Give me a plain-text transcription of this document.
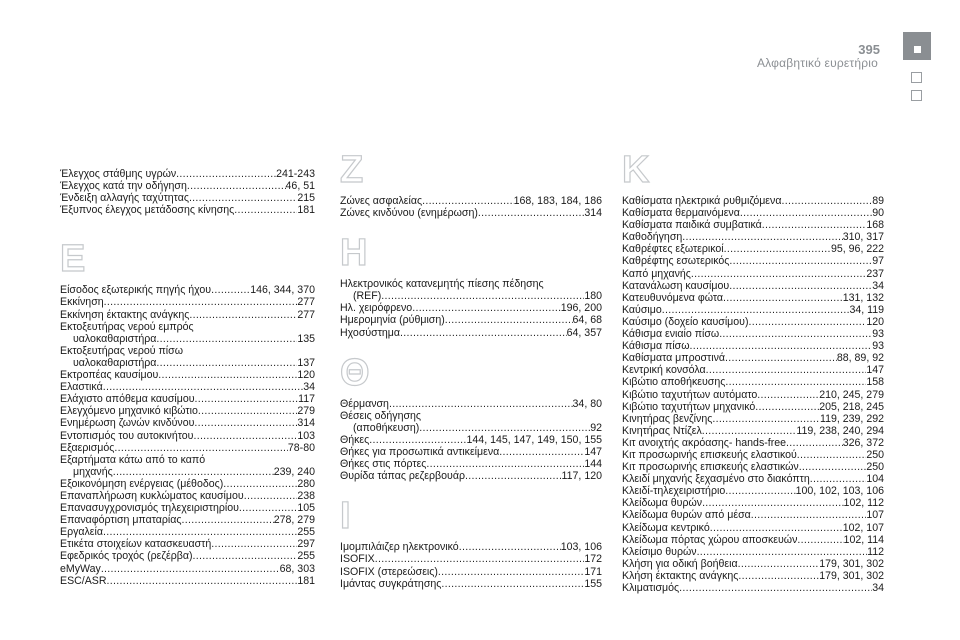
395
Αλφαβητικό ευρετήριο
Έλεγχος στάθμης υγρών .....	241-243
Έλεγχος κατά την οδήγηση .....	46, 51
Ένδειξη αλλαγής ταχύτητας .....	215
Έξυπνος έλεγχος μετάδοσης κίνησης .....	181
E
Είσοδος εξωτερικής πηγής ήχου .....	146, 344, 370
Εκκίνηση .....	277
Εκκίνηση έκτακτης ανάγκης .....	277
Εκτοξευτήρας νερού εμπρός
υαλοκαθαριστήρα .....	135
Εκτοξευτήρας νερού πίσω
υαλοκαθαριστήρα .....	137
Εκτροπέας καυσίμου .....	120
Ελαστικά .....	34
Ελάχιστο απόθεμα καυσίμου .....	117
Ελεγχόμενο μηχανικό κιβώτιο .....	279
Ενημέρωση ζωνών κινδύνου .....	314
Εντοπισμός του αυτοκινήτου .....	103
Εξαερισμός .....	78-80
Εξαρτήματα κάτω από το καπό
μηχανής .....	239, 240
Εξοικονόμηση ενέργειας (μέθοδος) .....	280
Επαναπλήρωση κυκλώματος καυσίμου .....	238
Επανασυγχρονισμός τηλεχειριστηρίου .....	105
Επαναφόρτιση μπαταρίας .....	278, 279
Εργαλεία .....	255
Ετικέτα στοιχείων κατασκευαστή .....	297
Εφεδρικός τροχός (ρεζέρβα) .....	255
eMyWay .....	68, 303
ESC/ASR .....	181
Z
Ζώνες ασφαλείας .....	168, 183, 184, 186
Ζώνες κινδύνου (ενημέρωση) .....	314
H
Ηλεκτρονικός κατανεμητής πίεσης πέδησης
(REF) .....	180
Ηλ. χειρόφρενο .....	196, 200
Ημερομηνία (ρύθμιση) .....	64, 68
Ηχοσύστημα .....	64, 357
Θ
Θέρμανση .....	34, 80
Θέσεις οδήγησης
(αποθήκευση) .....	92
Θήκες .....	144, 145, 147, 149, 150, 155
Θήκες για προσωπικά αντικείμενα .....	147
Θήκες στις πόρτες .....	144
Θυρίδα τάπας ρεζερβουάρ .....	117, 120
I
Ιμομπιλάιζερ ηλεκτρονικό .....	103, 106
ISOFIX .....	172
ISOFIX (στερεώσεις) .....	171
Ιμάντας συγκράτησης .....	155
K
Καθίσματα ηλεκτρικά ρυθμιζόμενα .....	89
Καθίσματα θερμαινόμενα .....	90
Καθίσματα παιδικά συμβατικά .....	168
Καθοδήγηση .....	310, 317
Καθρέφτες εξωτερικοί .....	95, 96, 222
Καθρέφτης εσωτερικός .....	97
Καπό μηχανής .....	237
Κατανάλωση καυσίμου .....	34
Κατευθυνόμενα φώτα .....	131, 132
Καύσιμο .....	34, 119
Καύσιμο (δοχείο καυσίμου) .....	120
Κάθισμα ενιαίο πίσω .....	93
Κάθισμα πίσω .....	93
Καθίσματα μπροστινά .....	88, 89, 92
Κεντρική κονσόλα .....	147
Κιβώτιο αποθήκευσης .....	158
Κιβώτιο ταχυτήτων αυτόματο .....	210, 245, 279
Κιβώτιο ταχυτήτων μηχανικό .....	205, 218, 245
Κινητήρας βενζίνης .....	119, 239, 292
Κινητήρας Ντίζελ .....	119, 238, 240, 294
Κιτ ανοιχτής ακρόασης- hands-free .....	326, 372
Κιτ προσωρινής επισκευής ελαστικού .....	250
Κιτ προσωρινής επισκευής ελαστικών .....	250
Κλειδί μηχανής ξεχασμένο στο διακόπτη .....	104
Κλειδί-τηλεχειριστήριο .....	100, 102, 103, 106
Κλείδωμα θυρών .....	102, 112
Κλείδωμα θυρών από μέσα .....	107
Κλείδωμα κεντρικό .....	102, 107
Κλείδωμα πόρτας χώρου αποσκευών .....	102, 114
Κλείσιμο θυρών .....	112
Κλήση για οδική βοήθεια .....	179, 301, 302
Κλήση έκτακτης ανάγκης .....	179, 301, 302
Κλιματισμός .....	34
